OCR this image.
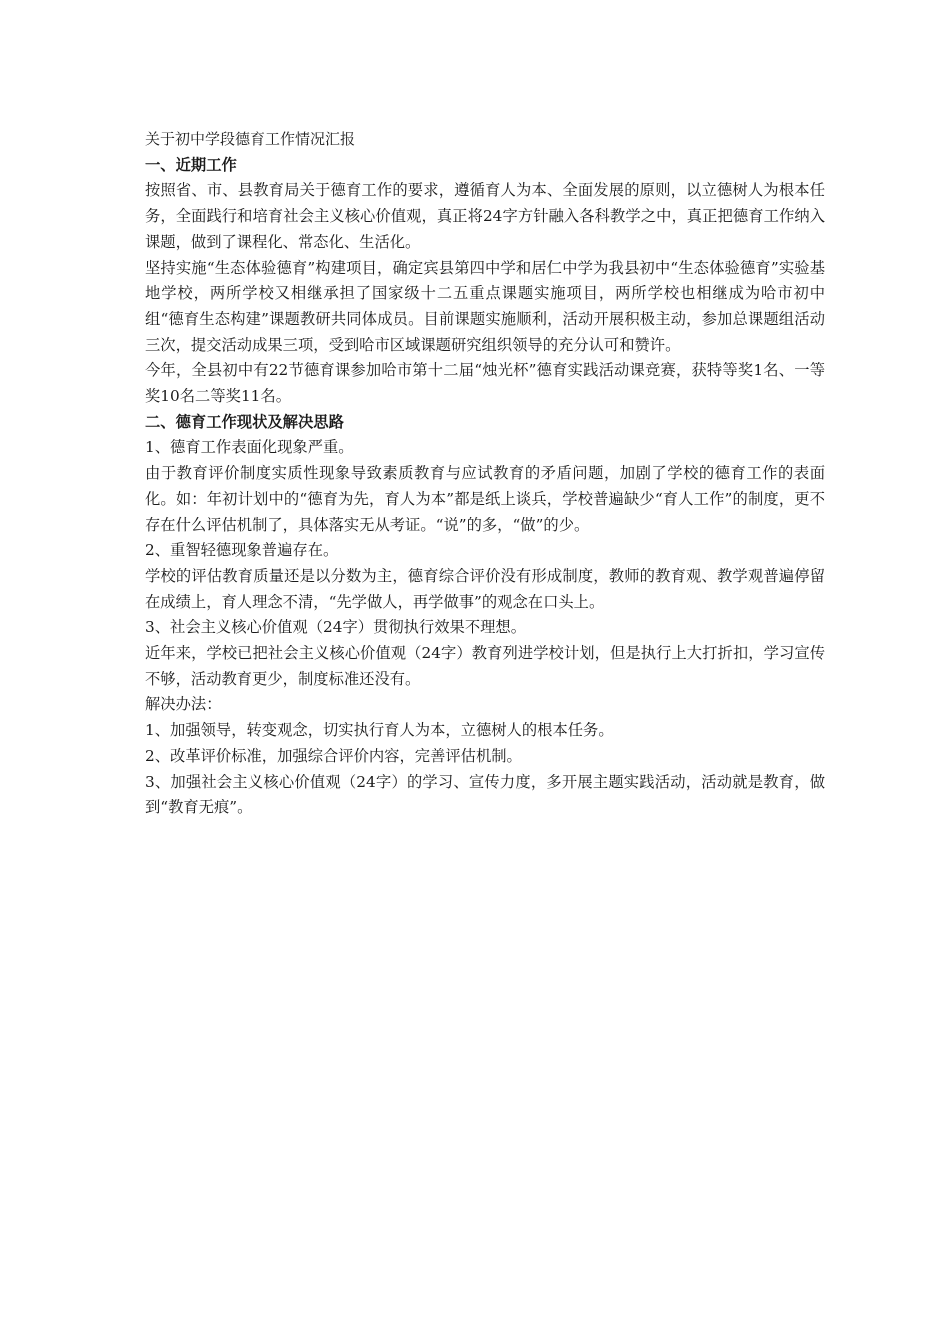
关于初中学段德育工作情况汇报

一、近期工作

按照省、市、县教育局关于德育工作的要求，遵循育人为本、全面发展的原则，以立德树人为根本任务，全面践行和培育社会主义核心价值观，真正将24字方针融入各科教学之中，真正把德育工作纳入课题，做到了课程化、常态化、生活化。

坚持实施“生态体验德育”构建项目，确定宾县第四中学和居仁中学为我县初中“生态体验德育”实验基地学校，两所学校又相继承担了国家级十二五重点课题实施项目，两所学校也相继成为哈市初中组“德育生态构建”课题教研共同体成员。目前课题实施顺利，活动开展积极主动，参加总课题组活动三次，提交活动成果三项，受到哈市区域课题研究组织领导的充分认可和赞许。

今年，全县初中有22节德育课参加哈市第十二届“烛光杯”德育实践活动课竞赛，获特等奖1名、一等奖10名二等奖11名。

二、德育工作现状及解决思路

1、德育工作表面化现象严重。

由于教育评价制度实质性现象导致素质教育与应试教育的矛盾问题，加剧了学校的德育工作的表面化。如：年初计划中的“德育为先，育人为本”都是纸上谈兵，学校普遍缺少“育人工作”的制度，更不存在什么评估机制了，具体落实无从考证。“说”的多，“做”的少。

2、重智轻德现象普遍存在。

学校的评估教育质量还是以分数为主，德育综合评价没有形成制度，教师的教育观、教学观普遍停留在成绩上，育人理念不清，“先学做人，再学做事”的观念在口头上。

3、社会主义核心价值观（24字）贯彻执行效果不理想。

近年来，学校已把社会主义核心价值观（24字）教育列进学校计划，但是执行上大打折扣，学习宣传不够，活动教育更少，制度标准还没有。

解决办法：

1、加强领导，转变观念，切实执行育人为本，立德树人的根本任务。

2、改革评价标准，加强综合评价内容，完善评估机制。

3、加强社会主义核心价值观（24字）的学习、宣传力度，多开展主题实践活动，活动就是教育，做到“教育无痕”。
